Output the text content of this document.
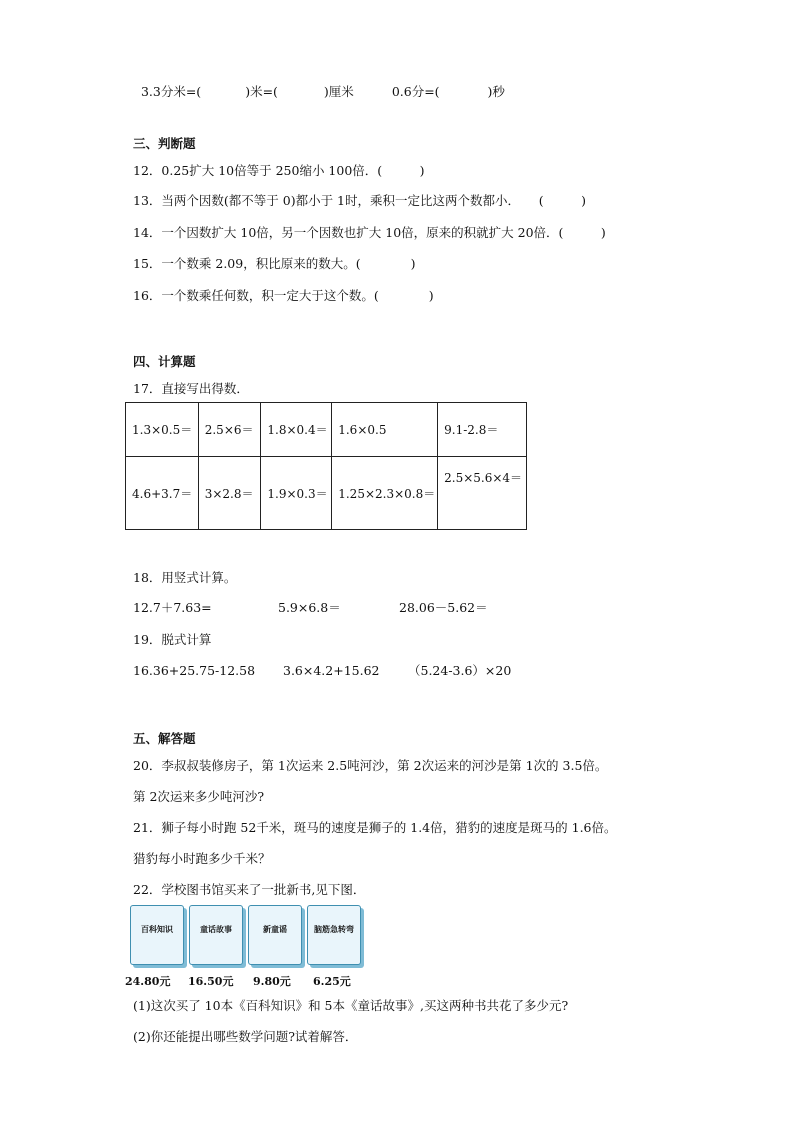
3.3分米=(	)米=(	)厘米	0.6分=(	)秒

三、判断题
12．0.25扩大 10倍等于 250缩小 100倍．(　　　)
13．当两个因数(都不等于 0)都小于 1时，乘积一定比这两个数都小．　　(　　　)
14．一个因数扩大 10倍，另一个因数也扩大 10倍，原来的积就扩大 20倍．(　　　)
15．一个数乘 2.09，积比原来的数大。(　　　　)
16．一个数乘任何数，积一定大于这个数。(　　　　)
四、计算题
17．直接写出得数．
1.3×0.5＝	2.5×6＝	1.8×0.4＝	1.6×0.5	9.1-2.8＝
4.6+3.7＝	3×2.8＝	1.9×0.3＝	1.25×2.3×0.8＝	2.5×5.6×4＝
18．用竖式计算。
12.7＋7.63=	5.9×6.8＝	28.06－5.62＝
19．脱式计算
16.36+25.75-12.58 3.6×4.2+15.62 （5.24-3.6）×20
五、解答题
20．李叔叔装修房子，第 1次运来 2.5吨河沙，第 2次运来的河沙是第 1次的 3.5倍。
第 2次运来多少吨河沙?
21．狮子每小时跑 52千米，斑马的速度是狮子的 1.4倍，猎豹的速度是斑马的 1.6倍。
猎豹每小时跑多少千米？
22．学校图书馆买来了一批新书,见下图．
百科知识	童话故事	新童谣	脑筋急转弯
24.80元 16.50元 9.80元 6.25元
(1)这次买了 10本《百科知识》和 5本《童话故事》,买这两种书共花了多少元?
(2)你还能提出哪些数学问题?试着解答．
